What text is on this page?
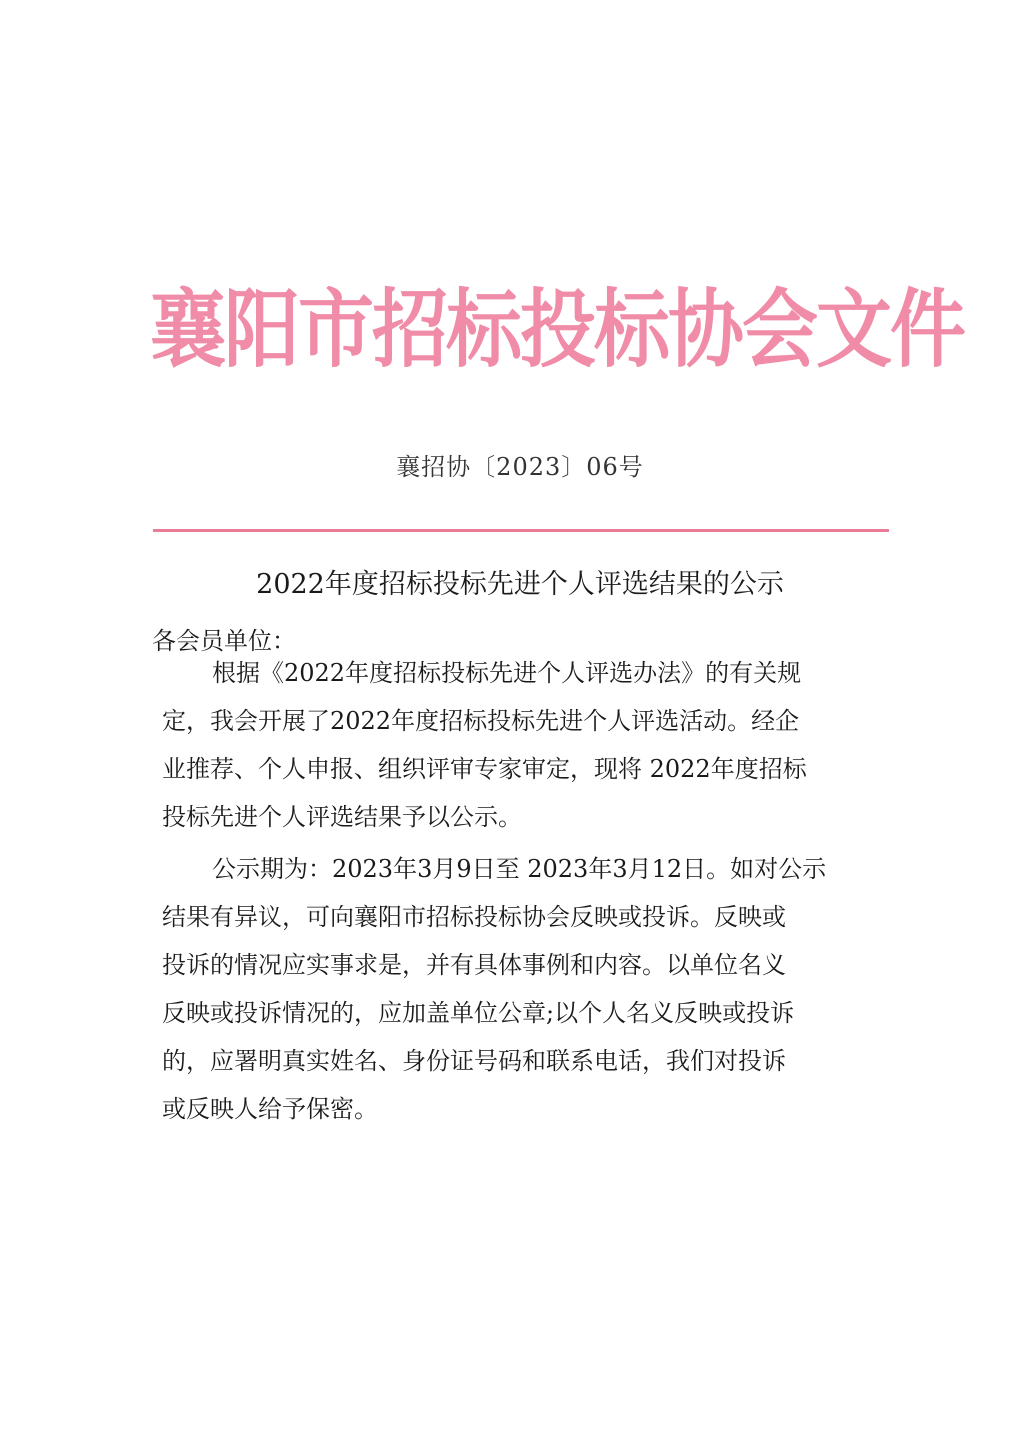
襄阳市招标投标协会文件
襄招协〔2023〕06号
2022年度招标投标先进个人评选结果的公示
各会员单位：
根据《2022年度招标投标先进个人评选办法》的有关规
定，我会开展了2022年度招标投标先进个人评选活动。经企
业推荐、个人申报、组织评审专家审定，现将 2022年度招标
投标先进个人评选结果予以公示。
公示期为：2023年3月9日至 2023年3月12日。如对公示
结果有异议，可向襄阳市招标投标协会反映或投诉。反映或
投诉的情况应实事求是，并有具体事例和内容。以单位名义
反映或投诉情况的，应加盖单位公章;以个人名义反映或投诉
的，应署明真实姓名、身份证号码和联系电话，我们对投诉
或反映人给予保密。
